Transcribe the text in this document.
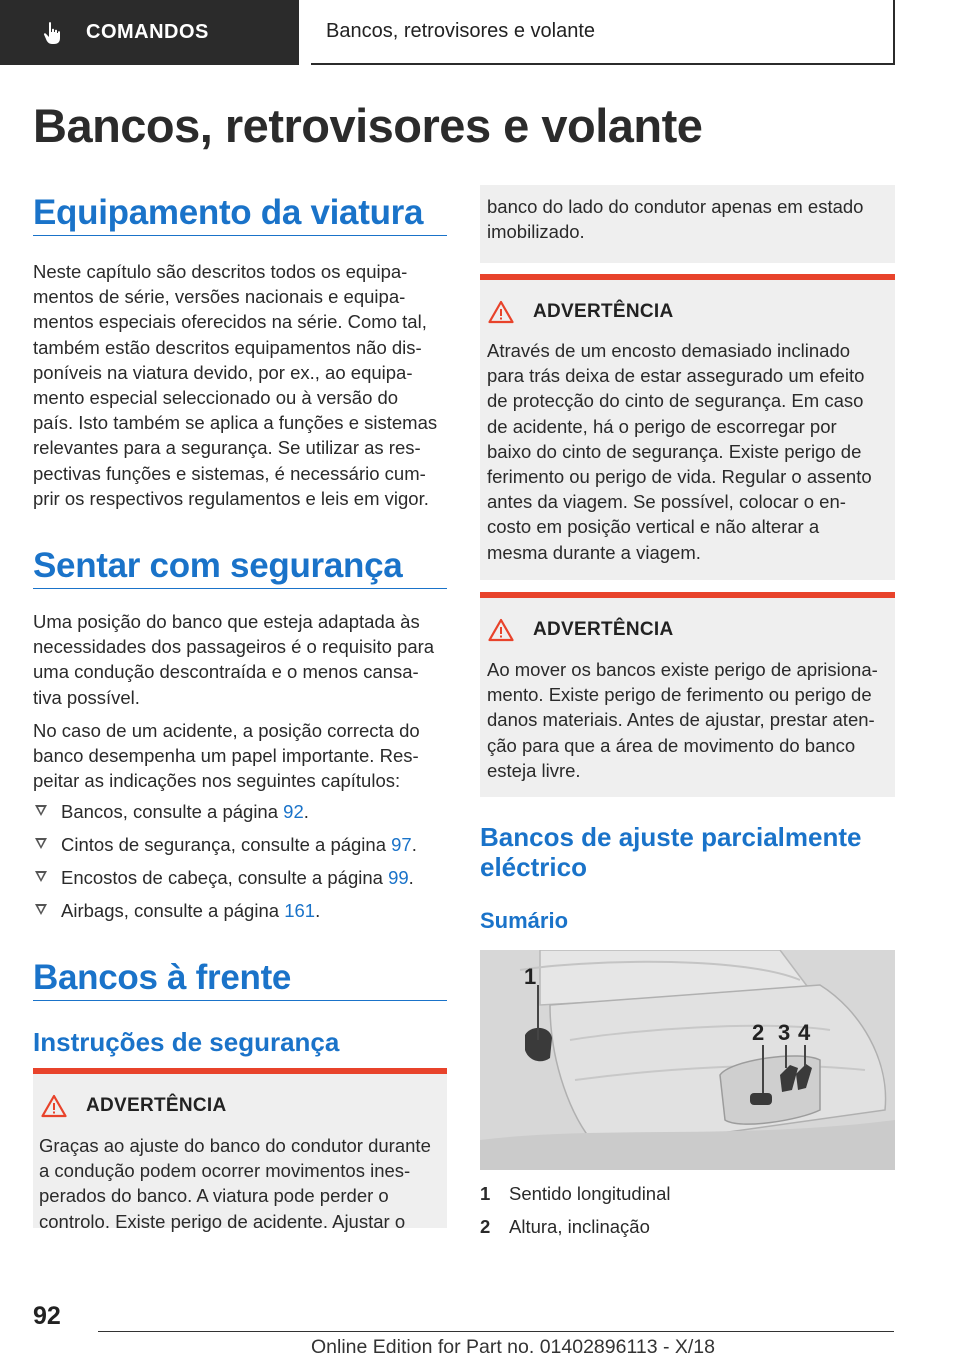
COMANDOS	Bancos, retrovisores e volante
Bancos, retrovisores e volante
Equipamento da viatura
Neste capítulo são descritos todos os equipa‐
mentos de série, versões nacionais e equipa‐
mentos especiais oferecidos na série. Como tal,
também estão descritos equipamentos não dis‐
poníveis na viatura devido, por ex., ao equipa‐
mento especial seleccionado ou à versão do
país. Isto também se aplica a funções e sistemas
relevantes para a segurança. Se utilizar as res‐
pectivas funções e sistemas, é necessário cum‐
prir os respectivos regulamentos e leis em vigor.
Sentar com segurança
Uma posição do banco que esteja adaptada às
necessidades dos passageiros é o requisito para
uma condução descontraída e o menos cansa‐
tiva possível.
No caso de um acidente, a posição correcta do
banco desempenha um papel importante. Res‐
peitar as indicações nos seguintes capítulos:
Bancos, consulte a página 92.
Cintos de segurança, consulte a página 97.
Encostos de cabeça, consulte a página 99.
Airbags, consulte a página 161.
Bancos à frente
Instruções de segurança
ADVERTÊNCIA
Graças ao ajuste do banco do condutor durante
a condução podem ocorrer movimentos ines‐
perados do banco. A viatura pode perder o
controlo. Existe perigo de acidente. Ajustar o
banco do lado do condutor apenas em estado
imobilizado.
ADVERTÊNCIA
Através de um encosto demasiado inclinado
para trás deixa de estar assegurado um efeito
de protecção do cinto de segurança. Em caso
de acidente, há o perigo de escorregar por
baixo do cinto de segurança. Existe perigo de
ferimento ou perigo de vida. Regular o assento
antes da viagem. Se possível, colocar o en‐
costo em posição vertical e não alterar a
mesma durante a viagem.
ADVERTÊNCIA
Ao mover os bancos existe perigo de aprisiona‐
mento. Existe perigo de ferimento ou perigo de
danos materiais. Antes de ajustar, prestar aten‐
ção para que a área de movimento do banco
esteja livre.
Bancos de ajuste parcialmente
eléctrico
Sumário
1
2 3 4
1 Sentido longitudinal
2 Altura, inclinação
92
Online Edition for Part no. 01402896113 - X/18
